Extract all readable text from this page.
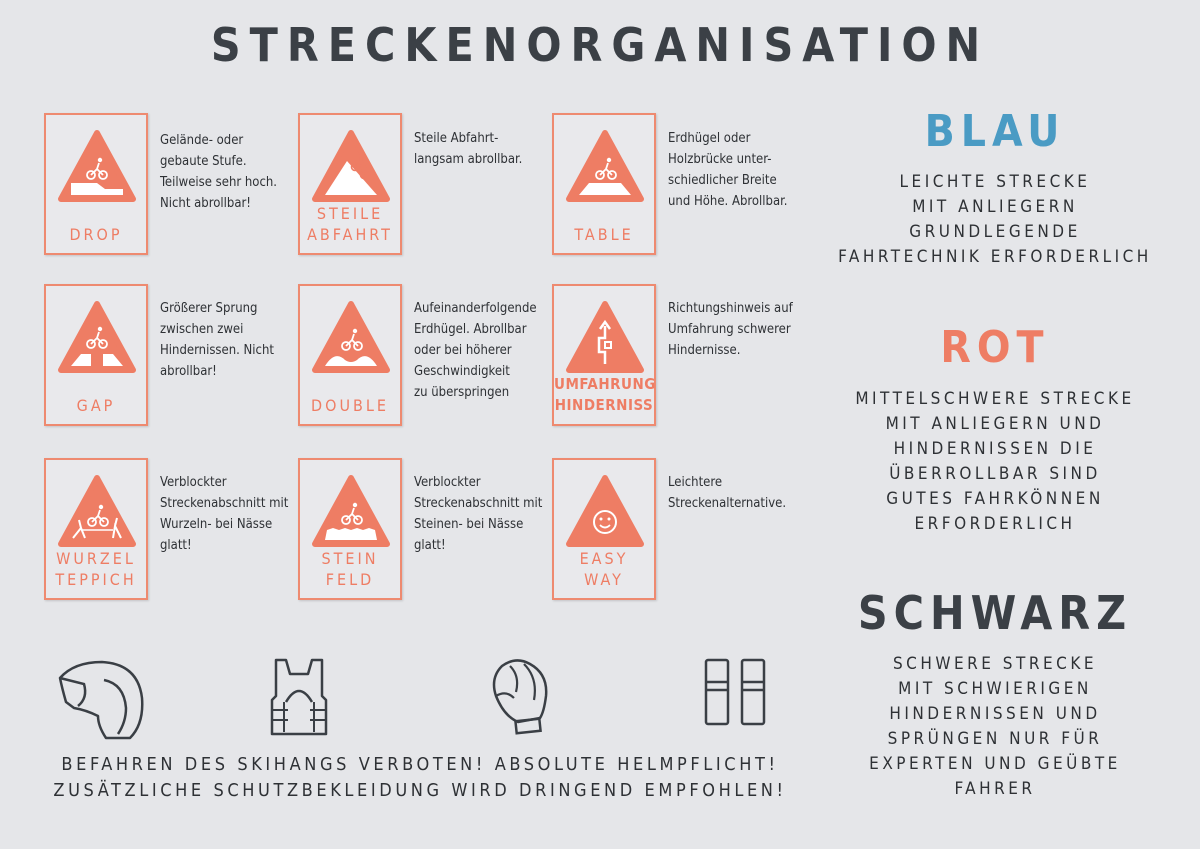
STRECKENORGANISATION
DROP
Gelände- oder
gebaute Stufe.
Teilweise sehr hoch.
Nicht abrollbar!
STEILE
ABFAHRT
Steile Abfahrt-
langsam abrollbar.
TABLE
Erdhügel oder
Holzbrücke unter-
schiedlicher Breite
und Höhe. Abrollbar.
GAP
Größerer Sprung
zwischen zwei
Hindernissen. Nicht
abrollbar!
DOUBLE
Aufeinanderfolgende
Erdhügel. Abrollbar
oder bei höherer
Geschwindigkeit
zu überspringen	UMFAHRUNG
HINDERNISS
Richtungshinweis auf
Umfahrung schwerer
Hindernisse.
WURZEL
TEPPICH
Verblockter
Streckenabschnitt mit
Wurzeln- bei Nässe
glatt!
STEIN
FELD
Verblockter
Streckenabschnitt mit
Steinen- bei Nässe
glatt!
EASY
WAY
Leichtere
Streckenalternative.
BLAU
LEICHTE STRECKE
MIT ANLIEGERN
GRUNDLEGENDE
FAHRTECHNIK ERFORDERLICH
ROT
MITTELSCHWERE STRECKE
MIT ANLIEGERN UND
HINDERNISSEN DIE
ÜBERROLLBAR SIND
GUTES FAHRKÖNNEN
ERFORDERLICH
SCHWARZ
SCHWERE STRECKE
MIT SCHWIERIGEN
HINDERNISSEN UND
SPRÜNGEN NUR FÜR
EXPERTEN UND GEÜBTE
FAHRER
BEFAHREN DES SKIHANGS VERBOTEN! ABSOLUTE HELMPFLICHT!
ZUSÄTZLICHE SCHUTZBEKLEIDUNG WIRD DRINGEND EMPFOHLEN!
